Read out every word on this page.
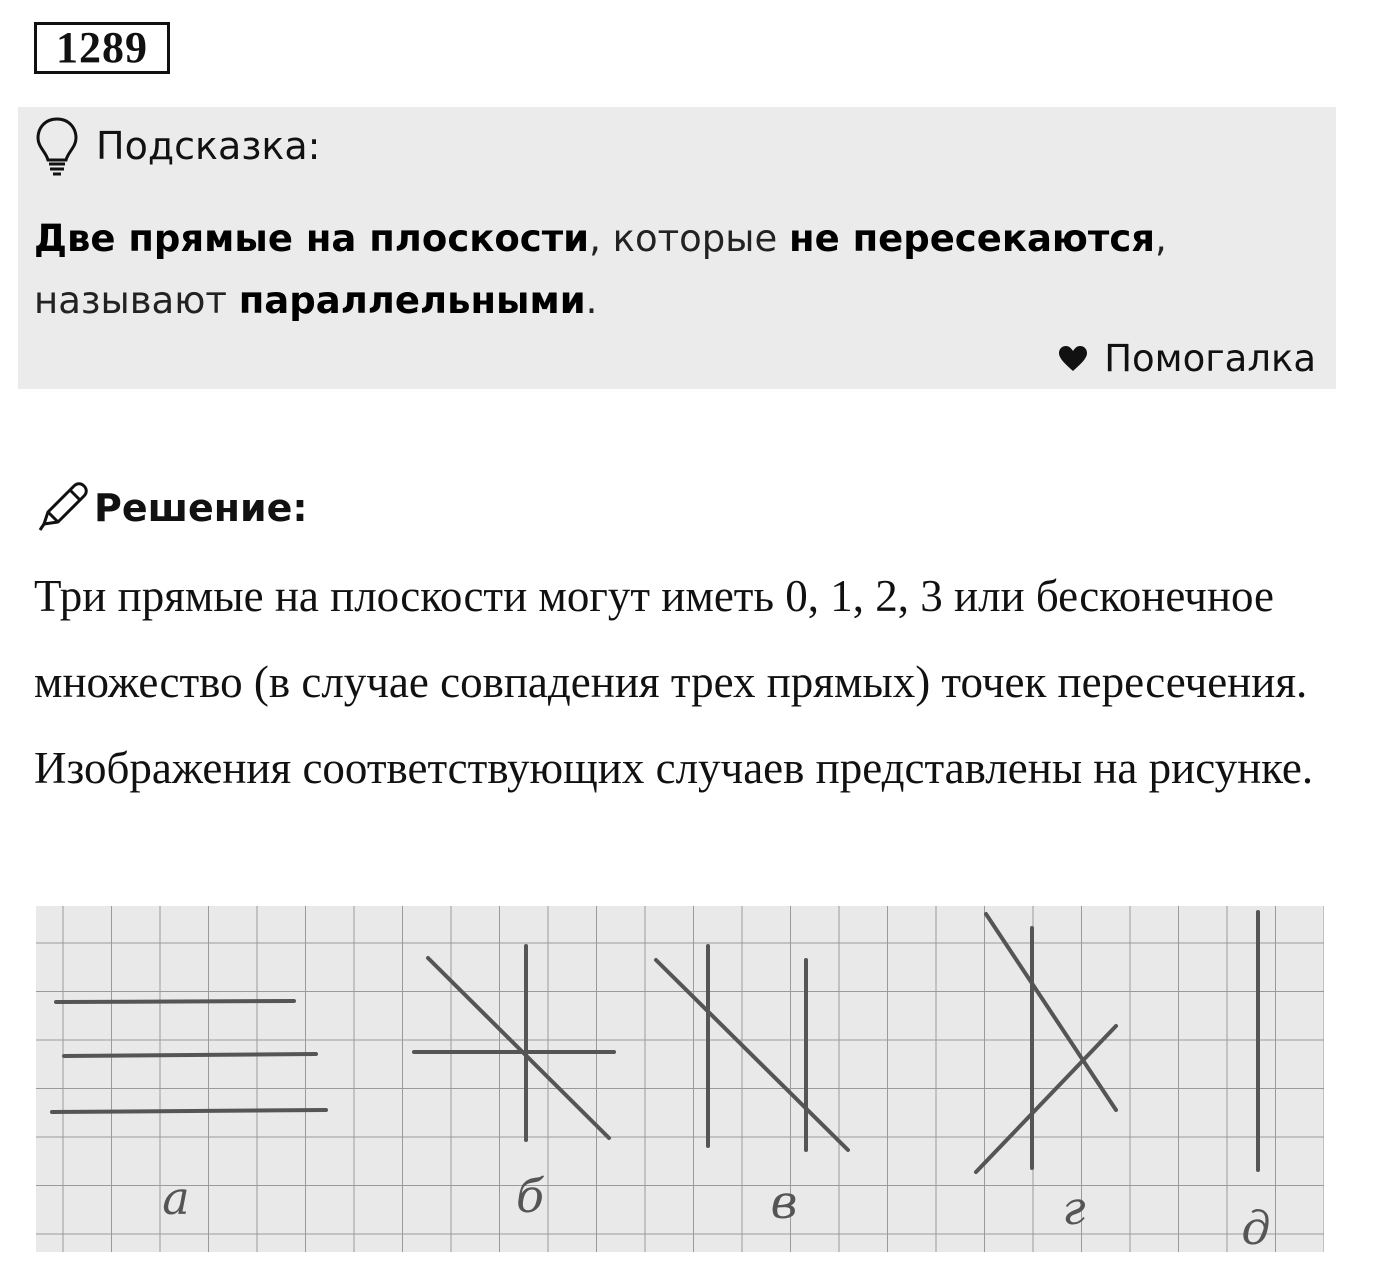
1289
Подсказка:
Две прямые на плоскости, которые не пересекаются, называют параллельными.
Помогалка
Решение:
Три прямые на плоскости могут иметь 0, 1, 2, 3 или бесконечное множество (в случае совпадения трех прямых) точек пересечения. Изображения соответствующих случаев представлены на рисунке.
а	б	в	г	д
